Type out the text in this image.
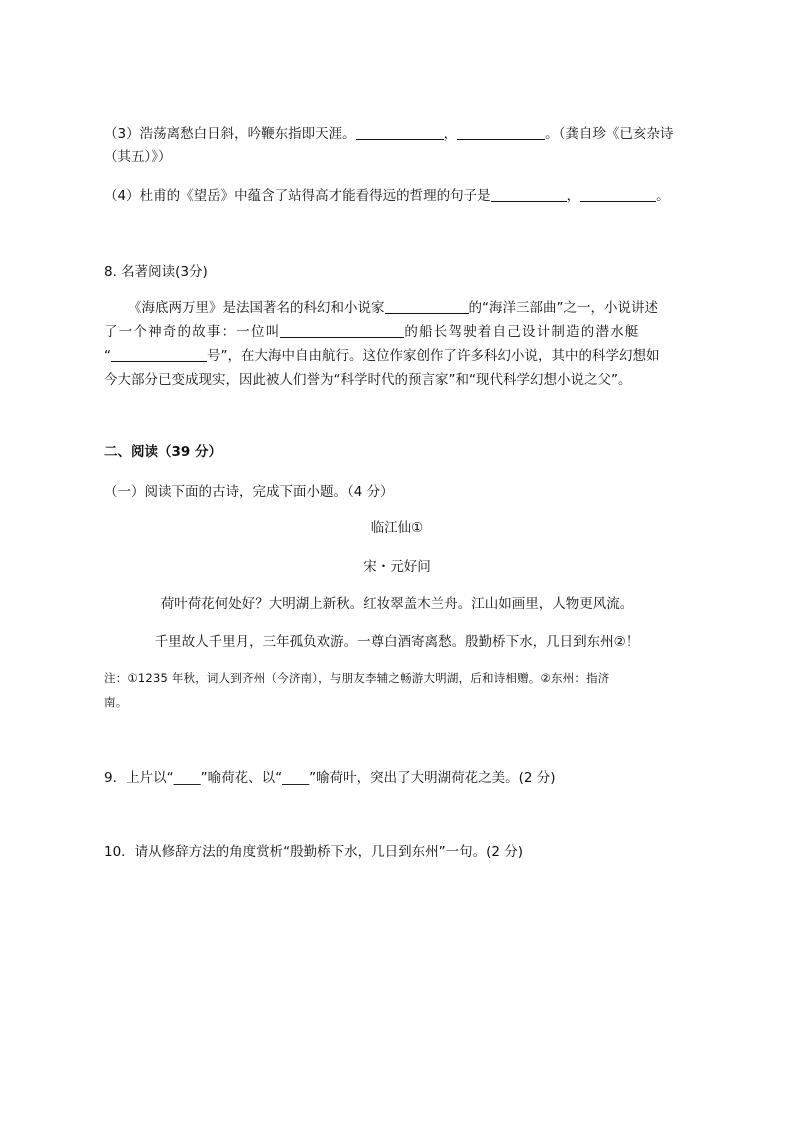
（3）浩荡离愁白日斜，吟鞭东指即天涯。	，	。（龚自珍《已亥杂诗
（其五）》）
（4）杜甫的《望岳》中蕴含了站得高才能看得远的哲理的句子是	，	。
8. 名著阅读(3分)
《海底两万里》是法国著名的科幻和小说家	的“海洋三部曲”之一，小说讲述
了一个神奇的故事：一位叫	的船长驾驶着自己设计制造的潜水艇
“	号”，在大海中自由航行。这位作家创作了许多科幻小说，其中的科学幻想如
今大部分已变成现实，因此被人们誉为“科学时代的预言家”和“现代科学幻想小说之父”。
二、阅读（39 分）
（一）阅读下面的古诗，完成下面小题。（4 分）
临江仙①
宋・元好问
荷叶荷花何处好？大明湖上新秋。红妆翠盖木兰舟。江山如画里，人物更风流。
千里故人千里月，三年孤负欢游。一尊白酒寄离愁。殷勤桥下水，几日到东州②！
注：①1235 年秋，词人到齐州（今济南），与朋友李辅之畅游大明湖，后和诗相赠。②东州：指济
南。
9．上片以“____”喻荷花、以“____”喻荷叶，突出了大明湖荷花之美。(2 分)
10．请从修辞方法的角度赏析“殷勤桥下水，几日到东州”一句。(2 分)
